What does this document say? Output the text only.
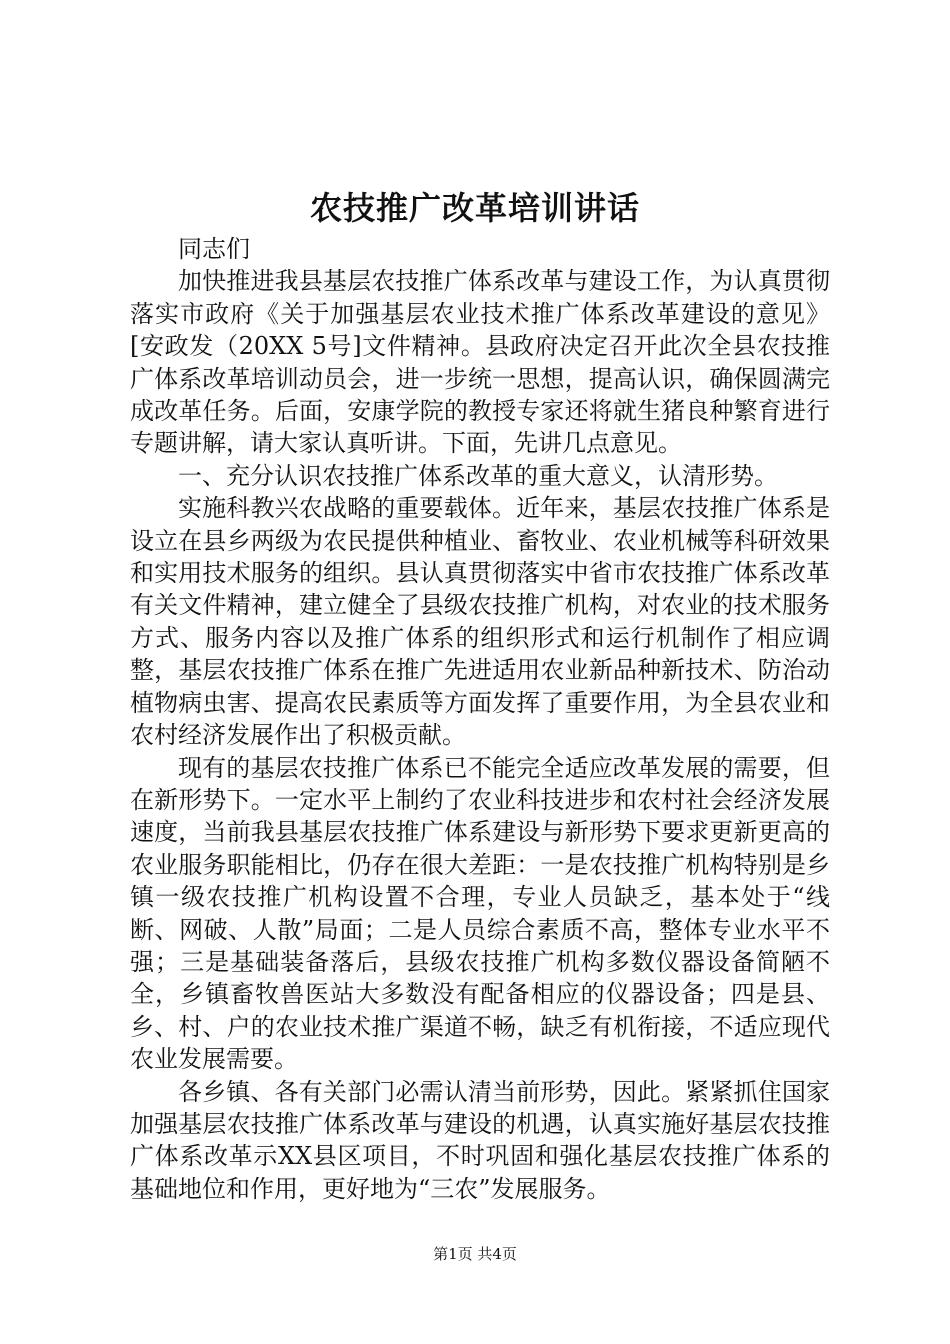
农技推广改革培训讲话

同志们

加快推进我县基层农技推广体系改革与建设工作，为认真贯彻落实市政府《关于加强基层农业技术推广体系改革建设的意见》[安政发（20XX 5号]文件精神。县政府决定召开此次全县农技推广体系改革培训动员会，进一步统一思想，提高认识，确保圆满完成改革任务。后面，安康学院的教授专家还将就生猪良种繁育进行专题讲解，请大家认真听讲。下面，先讲几点意见。

一、充分认识农技推广体系改革的重大意义，认清形势。

实施科教兴农战略的重要载体。近年来，基层农技推广体系是设立在县乡两级为农民提供种植业、畜牧业、农业机械等科研效果和实用技术服务的组织。县认真贯彻落实中省市农技推广体系改革有关文件精神，建立健全了县级农技推广机构，对农业的技术服务方式、服务内容以及推广体系的组织形式和运行机制作了相应调整，基层农技推广体系在推广先进适用农业新品种新技术、防治动植物病虫害、提高农民素质等方面发挥了重要作用，为全县农业和农村经济发展作出了积极贡献。

现有的基层农技推广体系已不能完全适应改革发展的需要，但在新形势下。一定水平上制约了农业科技进步和农村社会经济发展速度，当前我县基层农技推广体系建设与新形势下要求更新更高的农业服务职能相比，仍存在很大差距：一是农技推广机构特别是乡镇一级农技推广机构设置不合理，专业人员缺乏，基本处于“线断、网破、人散”局面；二是人员综合素质不高，整体专业水平不强；三是基础装备落后，县级农技推广机构多数仪器设备简陋不全，乡镇畜牧兽医站大多数没有配备相应的仪器设备；四是县、乡、村、户的农业技术推广渠道不畅，缺乏有机衔接，不适应现代农业发展需要。

各乡镇、各有关部门必需认清当前形势，因此。紧紧抓住国家加强基层农技推广体系改革与建设的机遇，认真实施好基层农技推广体系改革示XX县区项目，不时巩固和强化基层农技推广体系的基础地位和作用，更好地为“三农”发展服务。

第1页 共4页
